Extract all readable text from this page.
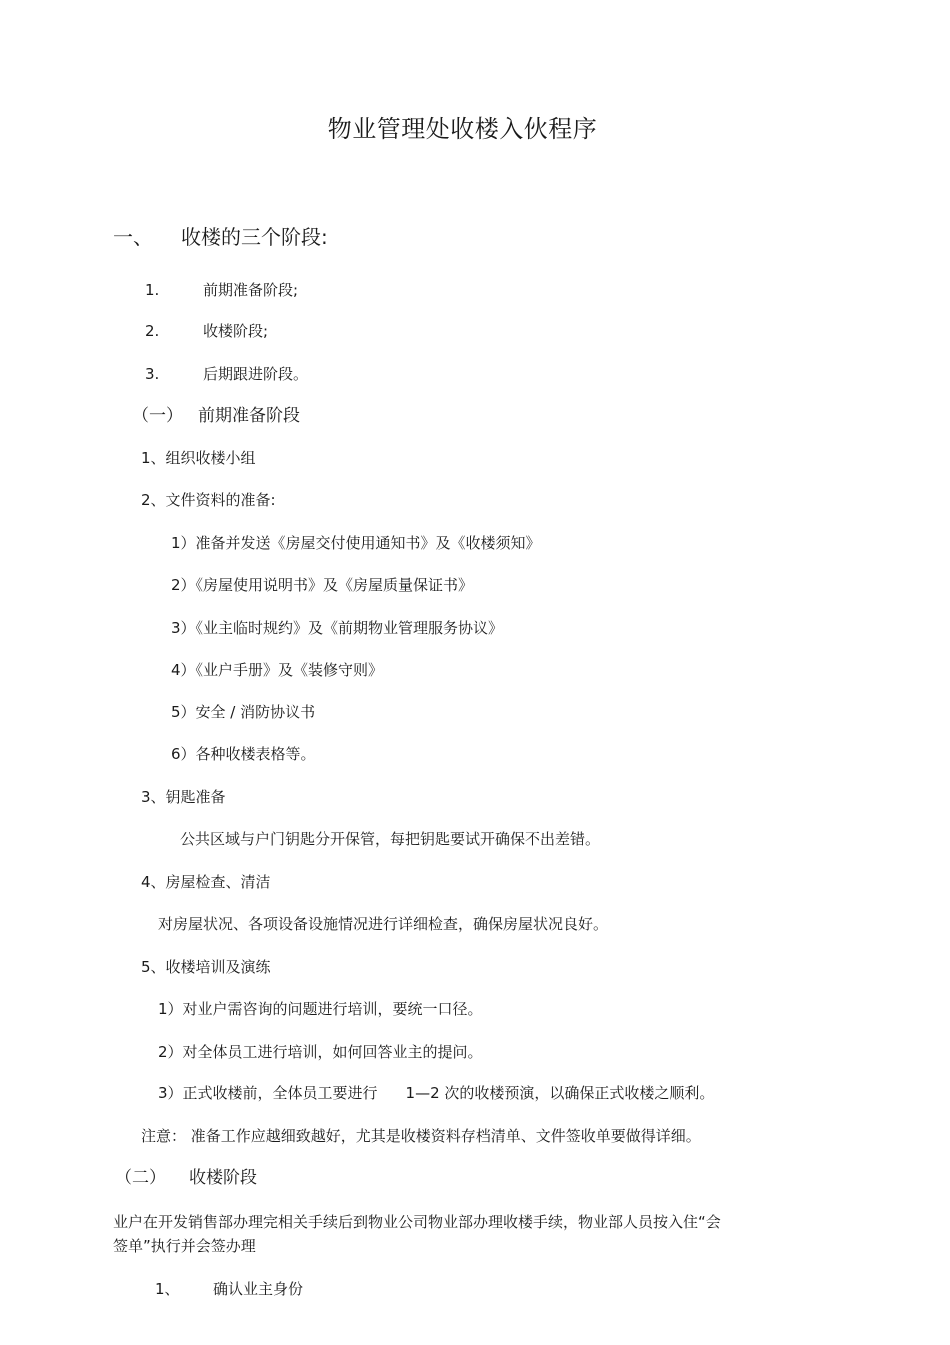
物业管理处收楼入伙程序
一、 收楼的三个阶段:
1.	前期准备阶段;
2.	收楼阶段;
3.	后期跟进阶段。
（一） 前期准备阶段
1、组织收楼小组
2、文件资料的准备:
1）准备并发送《房屋交付使用通知书》及《收楼须知》
2）《房屋使用说明书》及《房屋质量保证书》
3）《业主临时规约》及《前期物业管理服务协议》
4）《业户手册》及《装修守则》
5）安全 / 消防协议书
6）各种收楼表格等。
3、钥匙准备
公共区域与户门钥匙分开保管，每把钥匙要试开确保不出差错。
4、房屋检查、清洁
对房屋状况、各项设备设施情况进行详细检查，确保房屋状况良好。
5、收楼培训及演练
1）对业户需咨询的问题进行培训，要统一口径。
2）对全体员工进行培训，如何回答业主的提问。
3）正式收楼前，全体员工要进行 1—2 次的收楼预演，以确保正式收楼之顺利。
注意： 准备工作应越细致越好，尤其是收楼资料存档清单、文件签收单要做得详细。
（二） 收楼阶段
业户在开发销售部办理完相关手续后到物业公司物业部办理收楼手续，物业部人员按入住“会
签单”执行并会签办理
1、 确认业主身份
